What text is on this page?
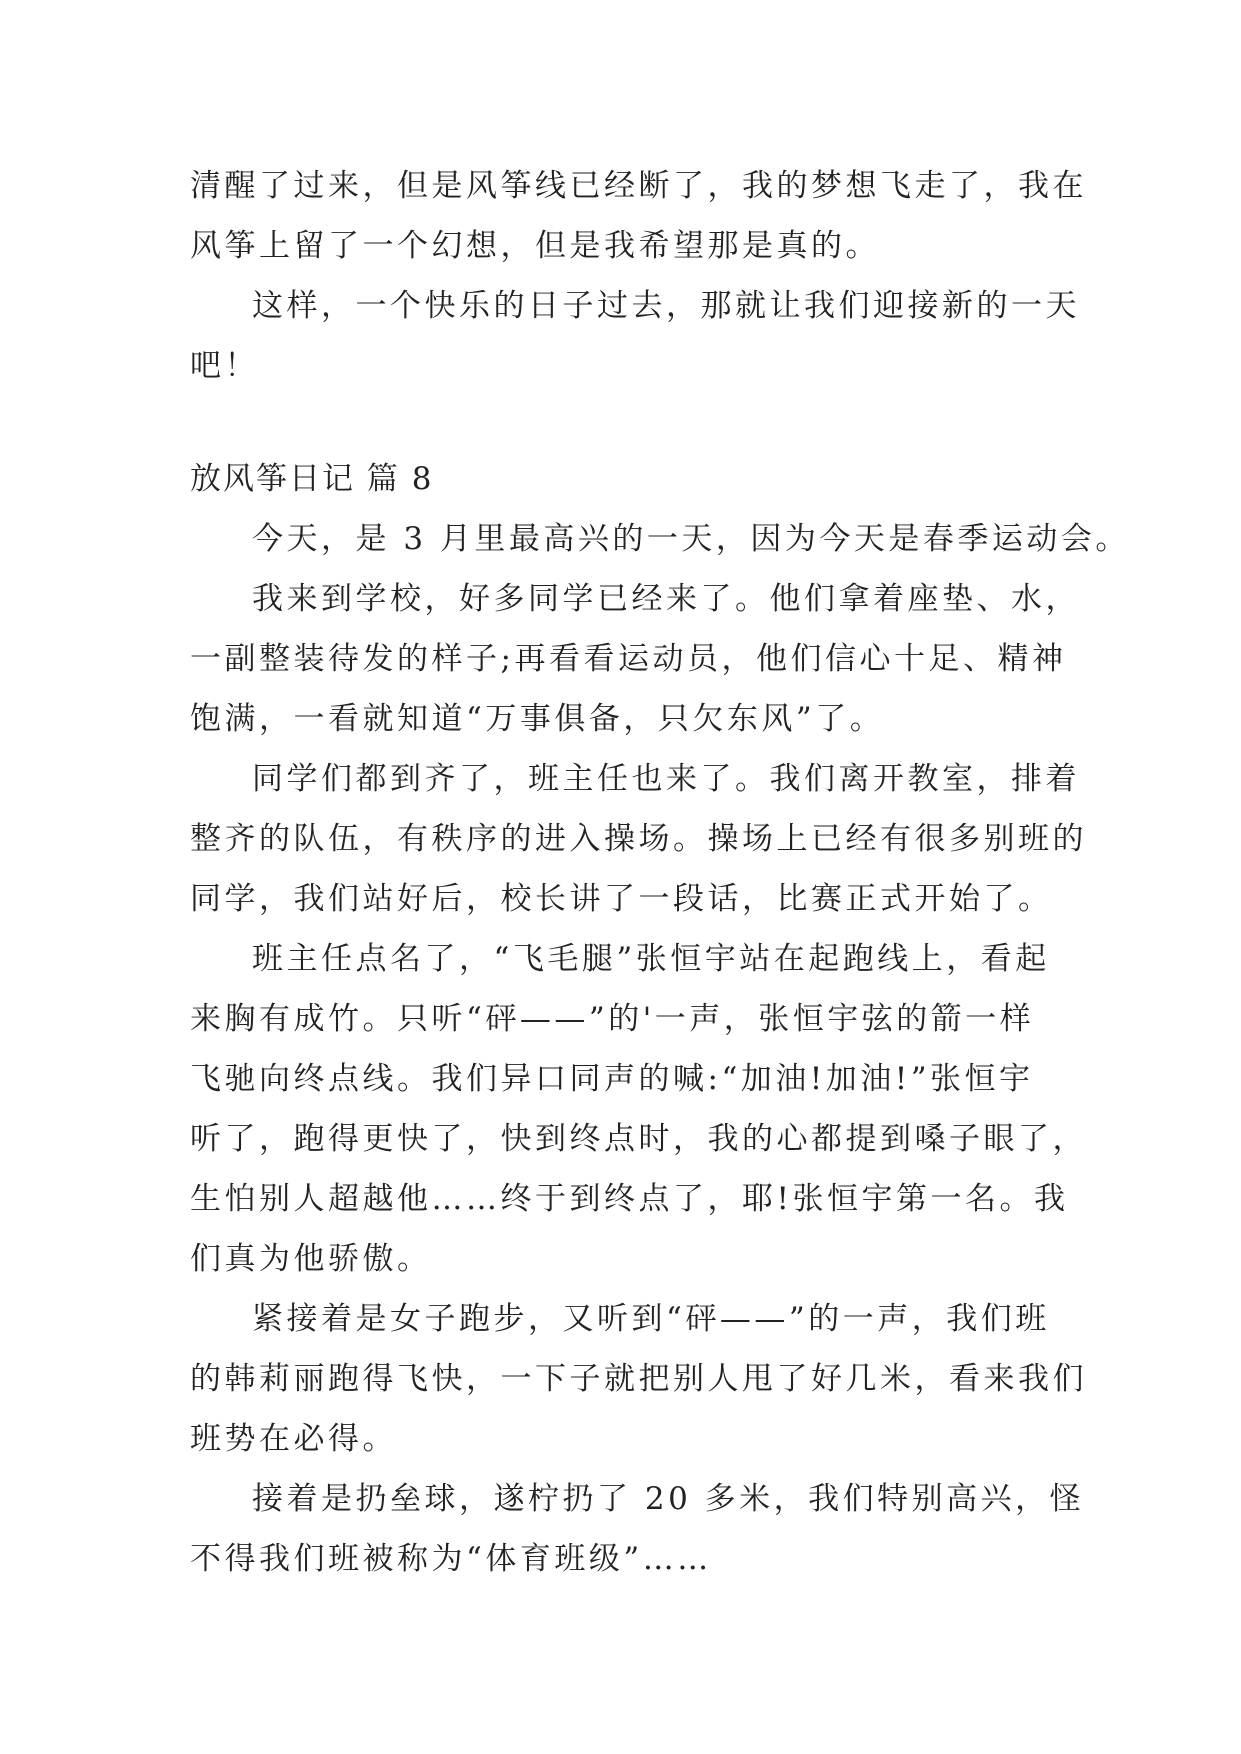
清醒了过来，但是风筝线已经断了，我的梦想飞走了，我在
风筝上留了一个幻想，但是我希望那是真的。
这样，一个快乐的日子过去，那就让我们迎接新的一天
吧！
放风筝日记 篇 8
今天，是 3 月里最高兴的一天，因为今天是春季运动会。
我来到学校，好多同学已经来了。他们拿着座垫、水，
一副整装待发的样子;再看看运动员，他们信心十足、精神
饱满，一看就知道“万事俱备，只欠东风”了。
同学们都到齐了，班主任也来了。我们离开教室，排着
整齐的队伍，有秩序的进入操场。操场上已经有很多别班的
同学，我们站好后，校长讲了一段话，比赛正式开始了。
班主任点名了，“飞毛腿”张恒宇站在起跑线上，看起
来胸有成竹。只听“砰——”的'一声，张恒宇弦的箭一样
飞驰向终点线。我们异口同声的喊:“加油!加油!”张恒宇
听了，跑得更快了，快到终点时，我的心都提到嗓子眼了，
生怕别人超越他……终于到终点了，耶!张恒宇第一名。我
们真为他骄傲。
紧接着是女子跑步，又听到“砰——”的一声，我们班
的韩莉丽跑得飞快，一下子就把别人甩了好几米，看来我们
班势在必得。
接着是扔垒球，遂柠扔了 20 多米，我们特别高兴，怪
不得我们班被称为“体育班级”……
